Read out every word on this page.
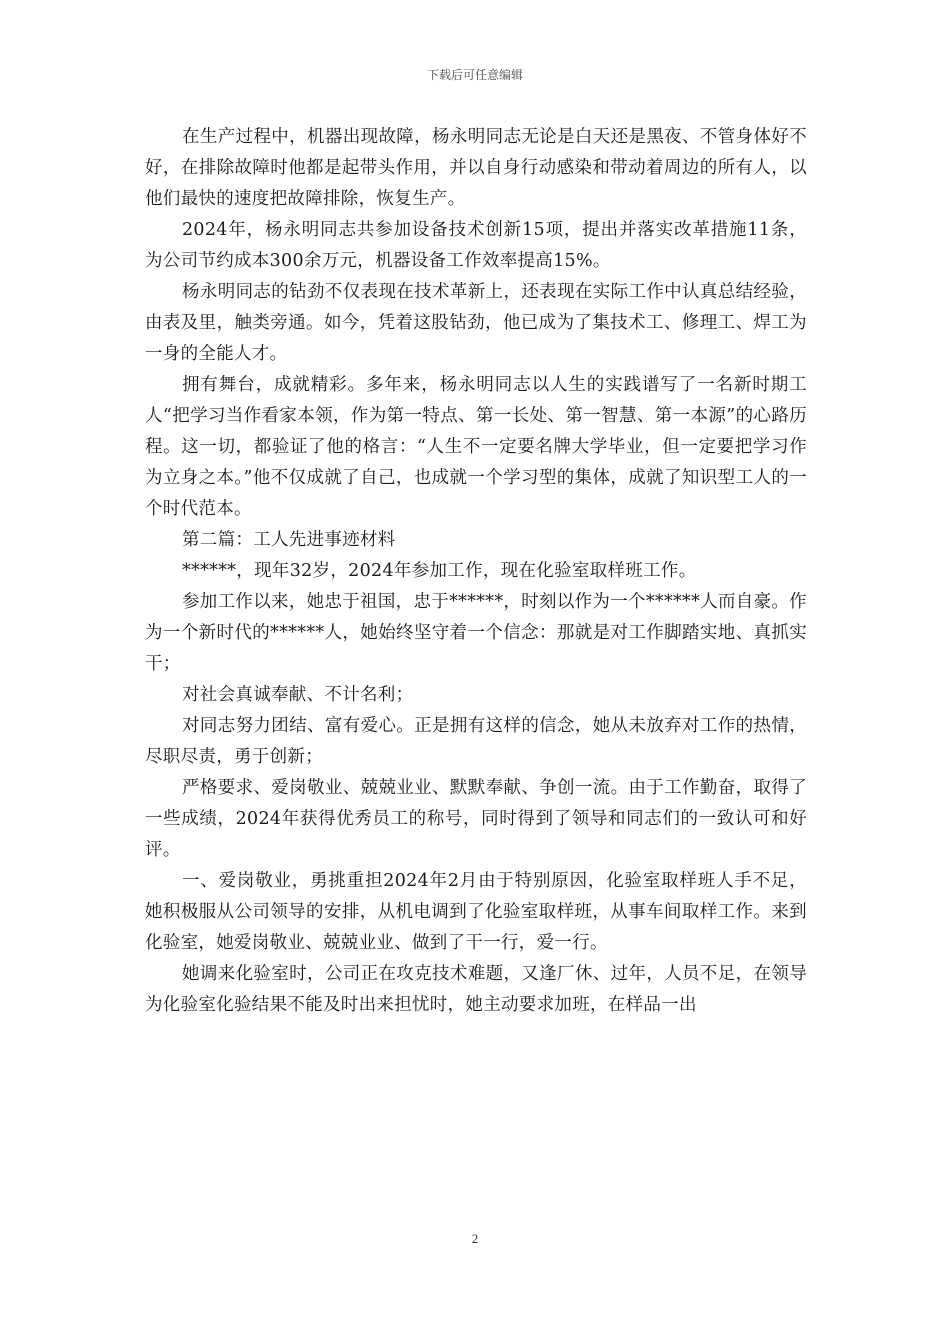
下载后可任意编辑

在生产过程中，机器出现故障，杨永明同志无论是白天还是黑夜、不管身体好不好，在排除故障时他都是起带头作用，并以自身行动感染和带动着周边的所有人，以他们最快的速度把故障排除，恢复生产。

2024年，杨永明同志共参加设备技术创新15项，提出并落实改革措施11条，为公司节约成本300余万元，机器设备工作效率提高15%。

杨永明同志的钻劲不仅表现在技术革新上，还表现在实际工作中认真总结经验，由表及里，触类旁通。如今，凭着这股钻劲，他已成为了集技术工、修理工、焊工为一身的全能人才。

拥有舞台，成就精彩。多年来，杨永明同志以人生的实践谱写了一名新时期工人“把学习当作看家本领，作为第一特点、第一长处、第一智慧、第一本源”的心路历程。这一切，都验证了他的格言：“人生不一定要名牌大学毕业，但一定要把学习作为立身之本。”他不仅成就了自己，也成就一个学习型的集体，成就了知识型工人的一个时代范本。

第二篇：工人先进事迹材料

******，现年32岁，2024年参加工作，现在化验室取样班工作。

参加工作以来，她忠于祖国，忠于******，时刻以作为一个******人而自豪。作为一个新时代的******人，她始终坚守着一个信念：那就是对工作脚踏实地、真抓实干；

对社会真诚奉献、不计名利；

对同志努力团结、富有爱心。正是拥有这样的信念，她从未放弃对工作的热情，尽职尽责，勇于创新；

严格要求、爱岗敬业、兢兢业业、默默奉献、争创一流。由于工作勤奋，取得了一些成绩，2024年获得优秀员工的称号，同时得到了领导和同志们的一致认可和好评。

一、爱岗敬业，勇挑重担2024年2月由于特别原因，化验室取样班人手不足，她积极服从公司领导的安排，从机电调到了化验室取样班，从事车间取样工作。来到化验室，她爱岗敬业、兢兢业业、做到了干一行，爱一行。

她调来化验室时，公司正在攻克技术难题，又逢厂休、过年，人员不足，在领导为化验室化验结果不能及时出来担忧时，她主动要求加班，在样品一出

2
